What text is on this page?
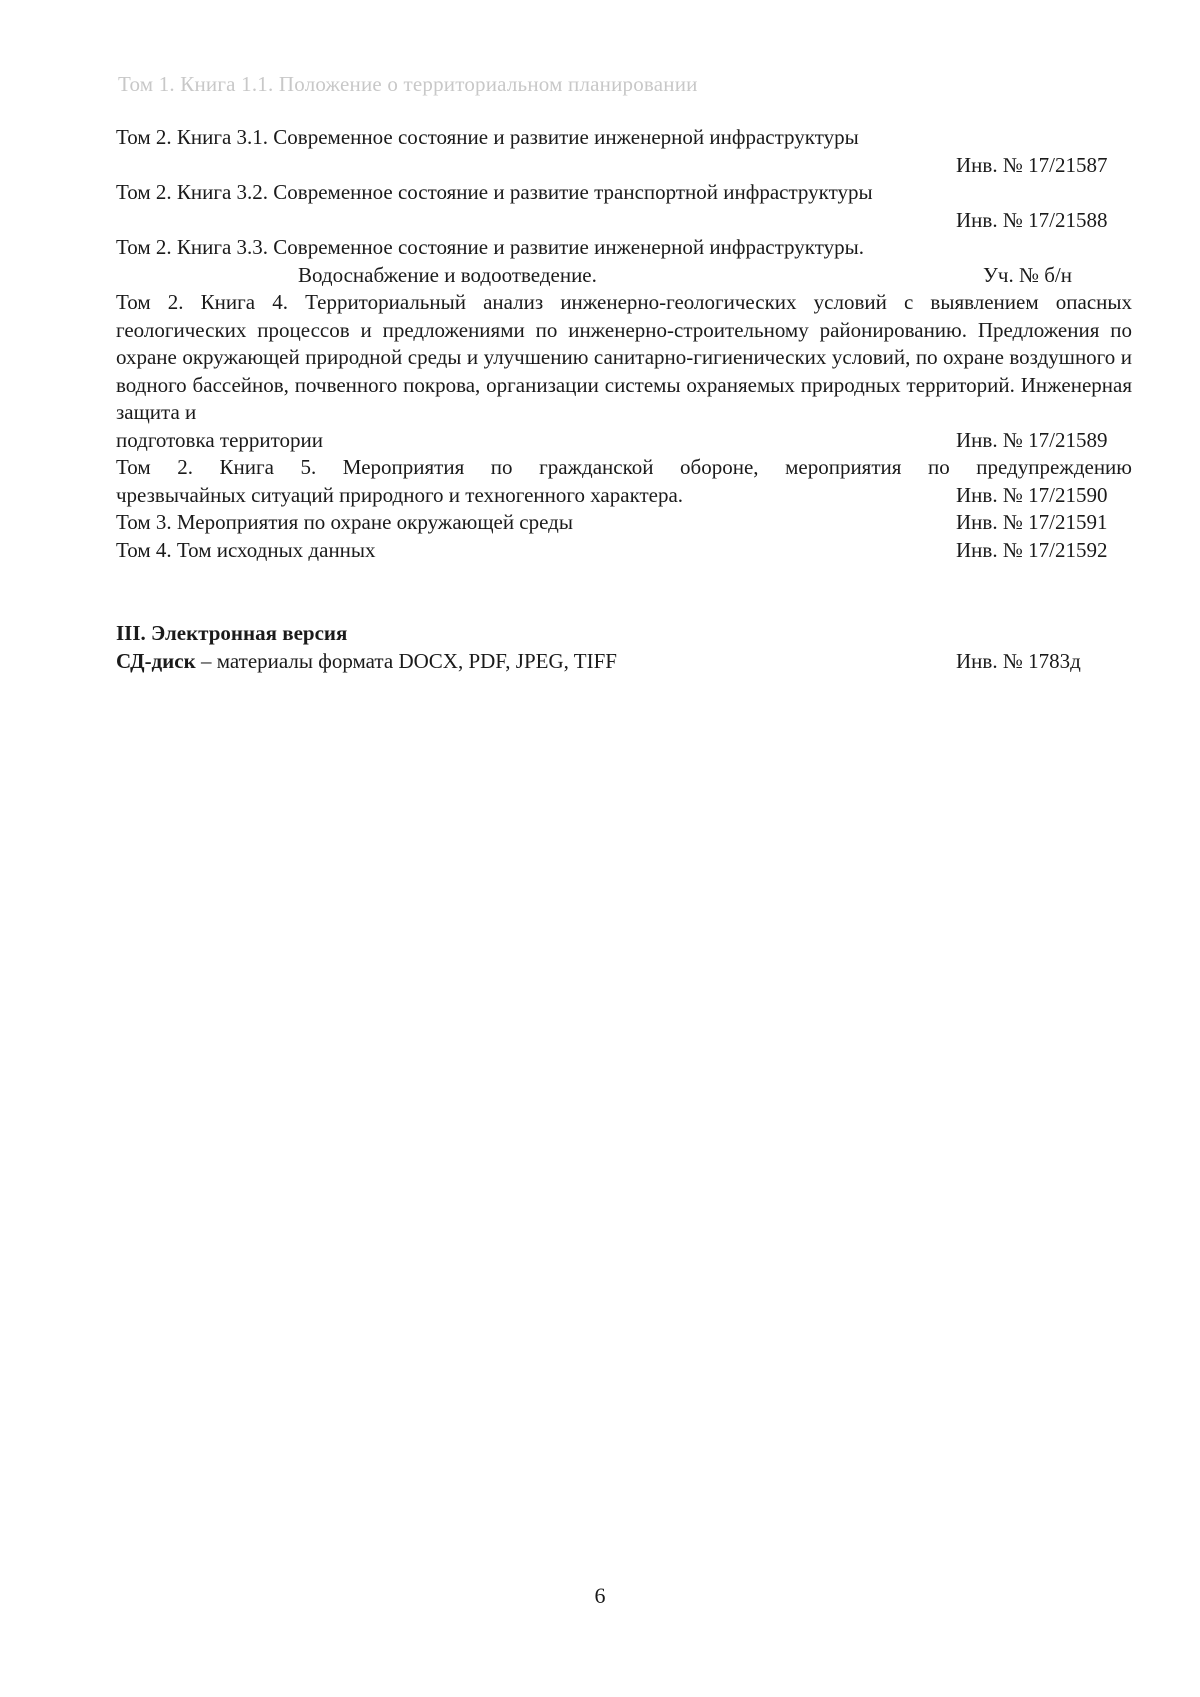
Том 1. Книга 1.1. Положение о территориальном планировании
Том 2. Книга 3.1. Современное состояние и развитие инженерной инфраструктуры
Инв. № 17/21587
Том 2. Книга 3.2. Современное состояние и развитие транспортной инфраструктуры
Инв. № 17/21588
Том 2. Книга 3.3. Современное состояние и развитие инженерной инфраструктуры.
Водоснабжение и водоотведение.	Уч. № б/н
Том 2. Книга 4. Территориальный анализ инженерно-геологических условий с выявлением опасных геологических процессов и предложениями по инженерно-строительному районированию. Предложения по охране окружающей природной среды и улучшению санитарно-гигиенических условий, по охране воздушного и водного бассейнов, почвенного покрова, организации системы охраняемых природных территорий. Инженерная защита и
подготовка территории	Инв. № 17/21589
Том 2. Книга 5. Мероприятия по гражданской обороне, мероприятия по предупреждению
чрезвычайных ситуаций природного и техногенного характера.	Инв. № 17/21590
Том 3. Мероприятия по охране окружающей среды	Инв. № 17/21591
Том 4. Том исходных данных	Инв. № 17/21592
III. Электронная версия
СД-диск – материалы формата DOCX, PDF, JPEG, TIFF	Инв. № 1783д
6
